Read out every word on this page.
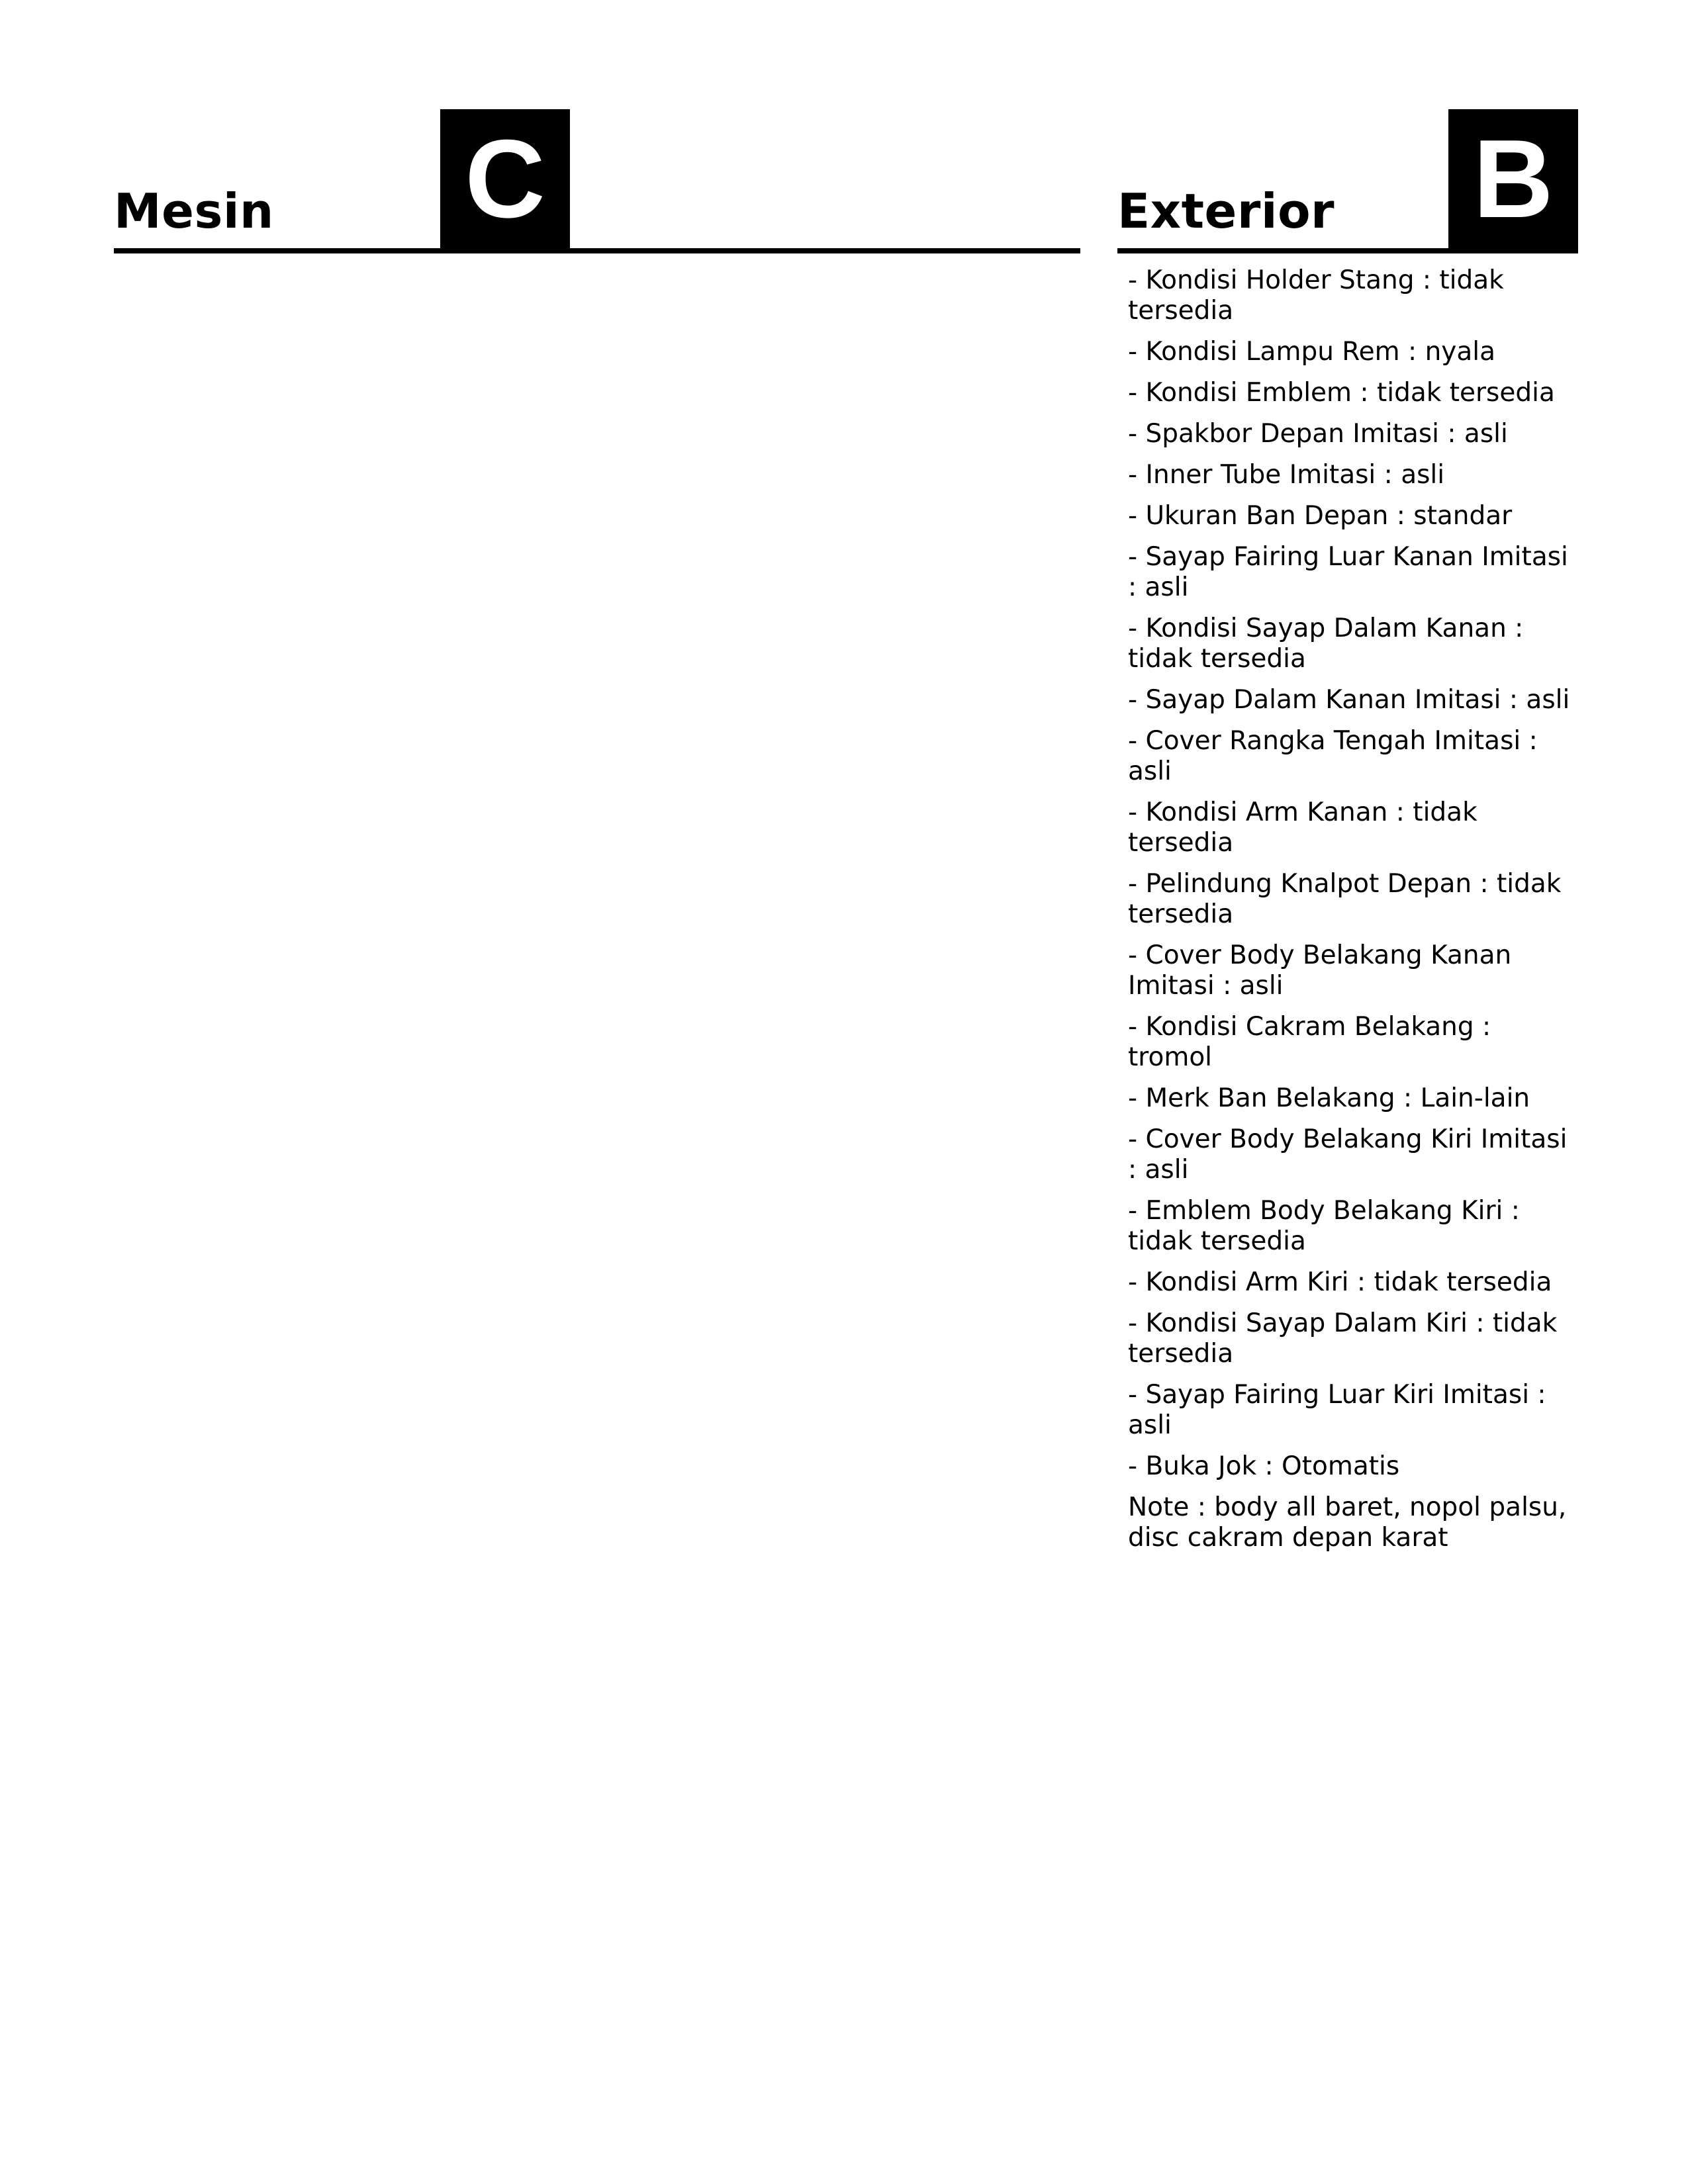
Mesin C	Exterior B
- Kondisi Holder Stang : tidak tersedia
- Kondisi Lampu Rem : nyala
- Kondisi Emblem : tidak tersedia
- Spakbor Depan Imitasi : asli
- Inner Tube Imitasi : asli
- Ukuran Ban Depan : standar
- Sayap Fairing Luar Kanan Imitasi : asli
- Kondisi Sayap Dalam Kanan : tidak tersedia
- Sayap Dalam Kanan Imitasi : asli
- Cover Rangka Tengah Imitasi : asli
- Kondisi Arm Kanan : tidak tersedia
- Pelindung Knalpot Depan : tidak tersedia
- Cover Body Belakang Kanan Imitasi : asli
- Kondisi Cakram Belakang : tromol
- Merk Ban Belakang : Lain-lain
- Cover Body Belakang Kiri Imitasi : asli
- Emblem Body Belakang Kiri : tidak tersedia
- Kondisi Arm Kiri : tidak tersedia
- Kondisi Sayap Dalam Kiri : tidak tersedia
- Sayap Fairing Luar Kiri Imitasi : asli
- Buka Jok : Otomatis

Note : body all baret, nopol palsu, disc cakram depan karat
